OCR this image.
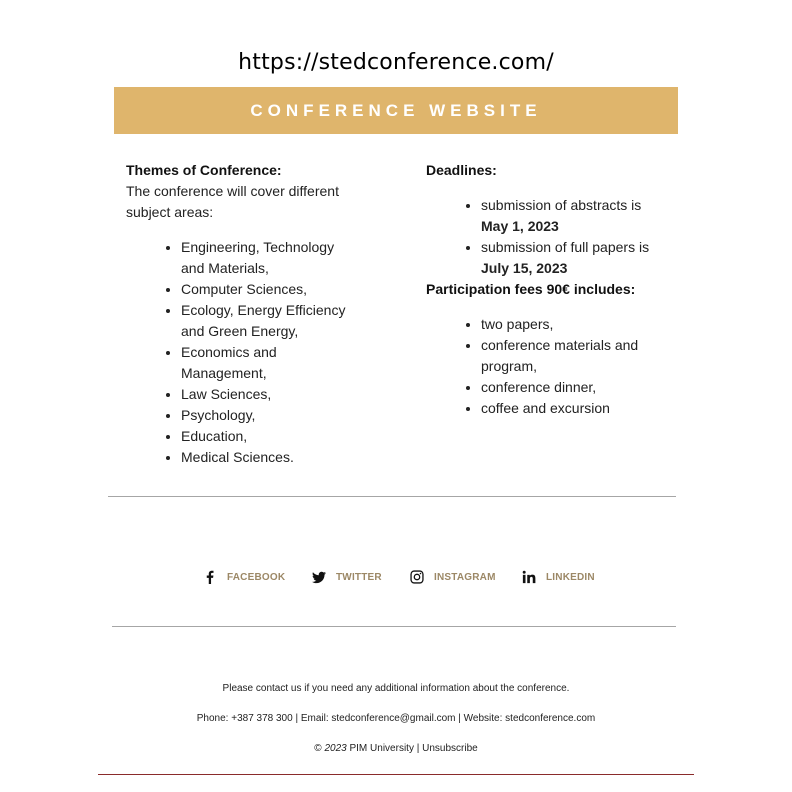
https://stedconference.com/
CONFERENCE WEBSITE

Themes of Conference:

The conference will cover different subject areas:

• Engineering, Technology and Materials,
• Computer Sciences,
• Ecology, Energy Efficiency and Green Energy,
• Economics and Management,
• Law Sciences,
• Psychology,
• Education,
• Medical Sciences.

Deadlines:

• submission of abstracts is
May 1, 2023
• submission of full papers is
July 15, 2023

Participation fees 90€ includes:

• two papers,
• conference materials and program,
• conference dinner,
• coffee and excursion
FACEBOOK	TWITTER	INSTAGRAM	LINKEDIN
Please contact us if you need any additional information about the conference.
Phone: +387 378 300 | Email: stedconference@gmail.com | Website: stedconference.com
© 2023 PIM University | Unsubscribe
